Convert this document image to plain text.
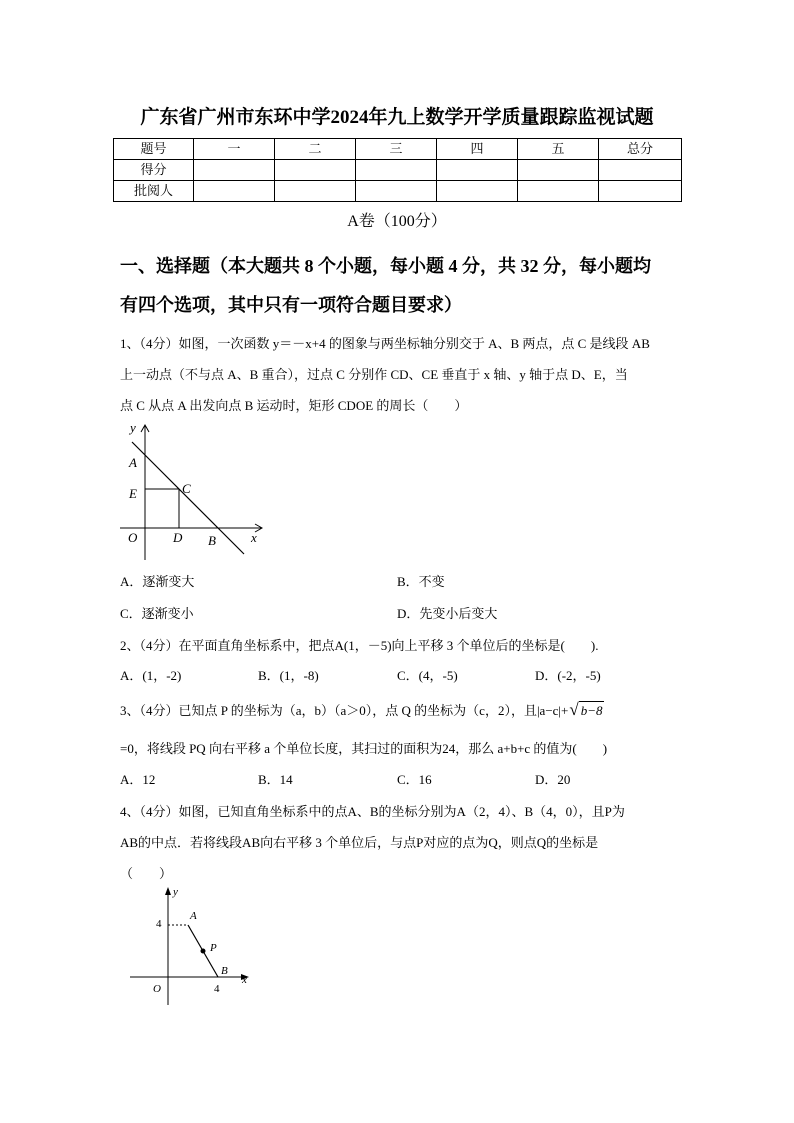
广东省广州市东环中学2024年九上数学开学质量跟踪监视试题
题号	一	二	三	四	五	总分
得分						
批阅人						
A卷（100分）
一、选择题（本大题共 8 个小题，每小题 4 分，共 32 分，每小题均
有四个选项，其中只有一项符合题目要求）
1、（4分）如图，一次函数 y＝－x+4 的图象与两坐标轴分别交于 A、B 两点，点 C 是线段 AB
上一动点（不与点 A、B 重合），过点 C 分别作 CD、CE 垂直于 x 轴、y 轴于点 D、E，当
点 C 从点 A 出发向点 B 运动时，矩形 CDOE 的周长（　　）
y
A
E	C
O	D B	x
A．逐渐变大	B．不变
C．逐渐变小	D．先变小后变大
2、（4分）在平面直角坐标系中，把点A(1，－5)向上平移 3 个单位后的坐标是(　　).
A．(1，-2)	B．(1，-8)	C．(4，-5)	D．(-2，-5)
3、（4分）已知点 P 的坐标为（a，b）（a＞0），点 Q 的坐标为（c，2），且|a−c|+√ b−8
=0，将线段 PQ 向右平移 a 个单位长度，其扫过的面积为24，那么 a+b+c 的值为(　　)
A．12	B．14	C．16	D．20
4、（4分）如图，已知直角坐标系中的点A、B的坐标分别为A（2，4）、B（4，0），且P为
AB的中点．若将线段AB向右平移 3 个单位后，与点P对应的点为Q，则点Q的坐标是
（　　）
y
4
A
P
B
4
O
x
